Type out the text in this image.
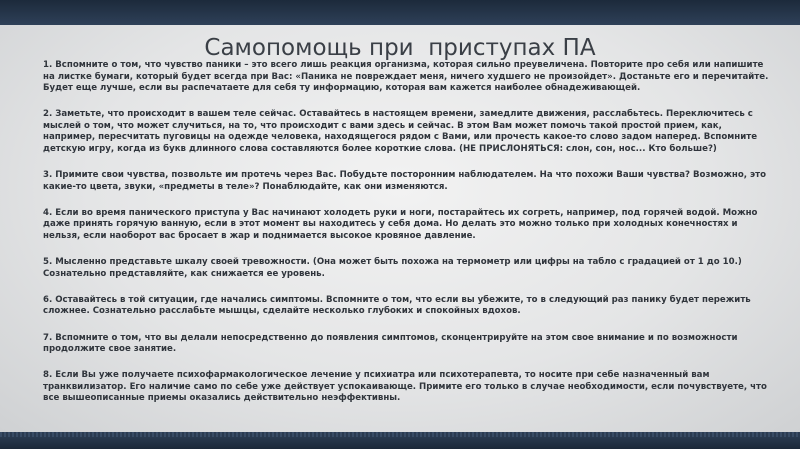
Самопомощь при  приступах ПА

1. Вспомните о том, что чувство паники – это всего лишь реакция организма, которая сильно преувеличена. Повторите про себя или напишите на листке бумаги, который будет всегда при Вас: «Паника не повреждает меня, ничего худшего не произойдет». Достаньте его и перечитайте. Будет еще лучше, если вы распечатаете для себя ту информацию, которая вам кажется наиболее обнадеживающей.

2. Заметьте, что происходит в вашем теле сейчас. Оставайтесь в настоящем времени, замедлите движения, расслабьтесь. Переключитесь с мыслей о том, что может случиться, на то, что происходит с вами здесь и сейчас. В этом Вам может помочь такой простой прием, как, например, пересчитать пуговицы на одежде человека, находящегося рядом с Вами, или прочесть какое-то слово задом наперед. Вспомните детскую игру, когда из букв длинного слова составляются более короткие слова. (НЕ ПРИСЛОНЯТЬСЯ: слон, сон, нос... Кто больше?)

3. Примите свои чувства, позвольте им протечь через Вас. Побудьте посторонним наблюдателем. На что похожи Ваши чувства? Возможно, это какие-то цвета, звуки, «предметы в теле»? Понаблюдайте, как они изменяются.

4. Если во время панического приступа у Вас начинают холодеть руки и ноги, постарайтесь их согреть, например, под горячей водой. Можно даже принять горячую ванную, если в этот момент вы находитесь у себя дома. Но делать это можно только при холодных конечностях и нельзя, если наоборот вас бросает в жар и поднимается высокое кровяное давление.

5. Мысленно представьте шкалу своей тревожности. (Она может быть похожа на термометр или цифры на табло с градацией от 1 до 10.) Сознательно представляйте, как снижается ее уровень.

6. Оставайтесь в той ситуации, где начались симптомы. Вспомните о том, что если вы убежите, то в следующий раз панику будет пережить сложнее. Сознательно расслабьте мышцы, сделайте несколько глубоких и спокойных вдохов.

7. Вспомните о том, что вы делали непосредственно до появления симптомов, сконцентрируйте на этом свое внимание и по возможности продолжите свое занятие.

8. Если Вы уже получаете психофармакологическое лечение у психиатра или психотерапевта, то носите при себе назначенный вам транквилизатор. Его наличие само по себе уже действует успокаивающе. Примите его только в случае необходимости, если почувствуете, что все вышеописанные приемы оказались действительно неэффективны.
